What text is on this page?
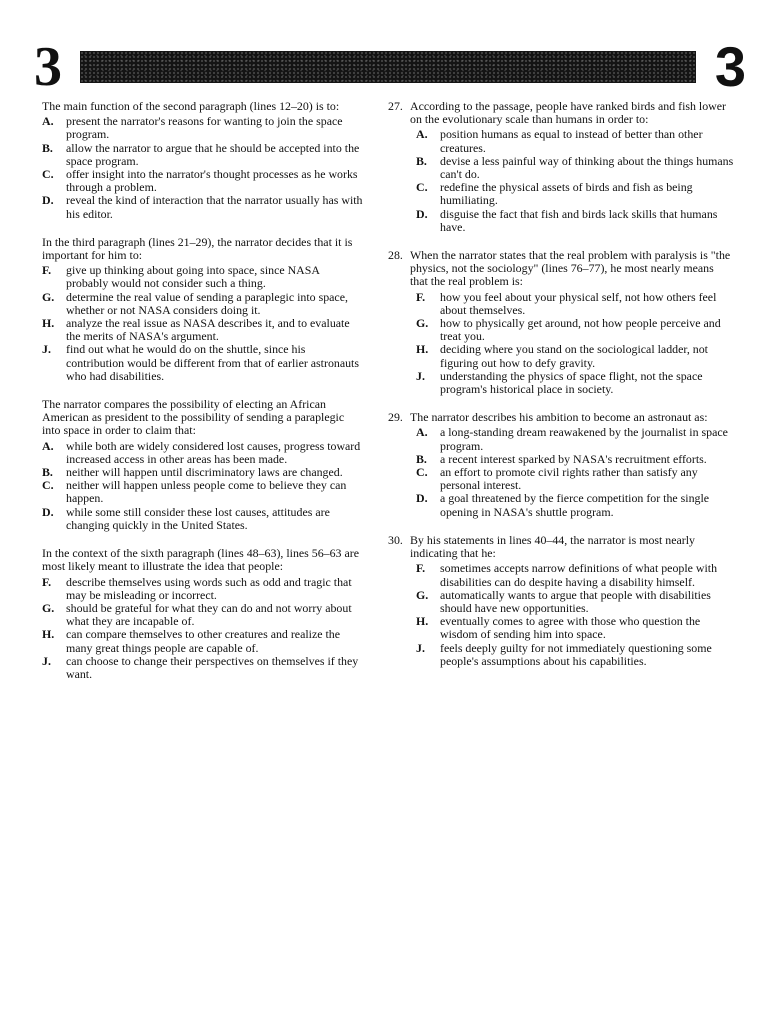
3	3

The main function of the second paragraph (lines 12–20) is to:

A. present the narrator's reasons for wanting to join the space program.
B. allow the narrator to argue that he should be accepted into the space program.
C. offer insight into the narrator's thought processes as he works through a problem.
D. reveal the kind of interaction that the narrator usually has with his editor.

In the third paragraph (lines 21–29), the narrator decides that it is important for him to:

F. give up thinking about going into space, since NASA probably would not consider such a thing.
G. determine the real value of sending a paraplegic into space, whether or not NASA considers doing it.
H. analyze the real issue as NASA describes it, and to evaluate the merits of NASA's argument.
J. find out what he would do on the shuttle, since his contribution would be different from that of earlier astronauts who had disabilities.

The narrator compares the possibility of electing an African American as president to the possibility of sending a paraplegic into space in order to claim that:

A. while both are widely considered lost causes, progress toward increased access in other areas has been made.
B. neither will happen until discriminatory laws are changed.
C. neither will happen unless people come to believe they can happen.
D. while some still consider these lost causes, attitudes are changing quickly in the United States.

In the context of the sixth paragraph (lines 48–63), lines 56–63 are most likely meant to illustrate the idea that people:

F. describe themselves using words such as odd and tragic that may be misleading or incorrect.
G. should be grateful for what they can do and not worry about what they are incapable of.
H. can compare themselves to other creatures and realize the many great things people are capable of.
J. can choose to change their perspectives on themselves if they want.
27. According to the passage, people have ranked birds and fish lower on the evolutionary scale than humans in order to:

A. position humans as equal to instead of better than other creatures.
B. devise a less painful way of thinking about the things humans can't do.
C. redefine the physical assets of birds and fish as being humiliating.
D. disguise the fact that fish and birds lack skills that humans have.
28. When the narrator states that the real problem with paralysis is "the physics, not the sociology" (lines 76–77), he most nearly means that the real problem is:

F. how you feel about your physical self, not how others feel about themselves.
G. how to physically get around, not how people perceive and treat you.
H. deciding where you stand on the sociological ladder, not figuring out how to defy gravity.
J. understanding the physics of space flight, not the space program's historical place in society.
29. The narrator describes his ambition to become an astronaut as:

A. a long-standing dream reawakened by the journalist in space program.
B. a recent interest sparked by NASA's recruitment efforts.
C. an effort to promote civil rights rather than satisfy any personal interest.
D. a goal threatened by the fierce competition for the single opening in NASA's shuttle program.
30. By his statements in lines 40–44, the narrator is most nearly indicating that he:

F. sometimes accepts narrow definitions of what people with disabilities can do despite having a disability himself.
G. automatically wants to argue that people with disabilities should have new opportunities.
H. eventually comes to agree with those who question the wisdom of sending him into space.
J. feels deeply guilty for not immediately questioning some people's assumptions about his capabilities.
